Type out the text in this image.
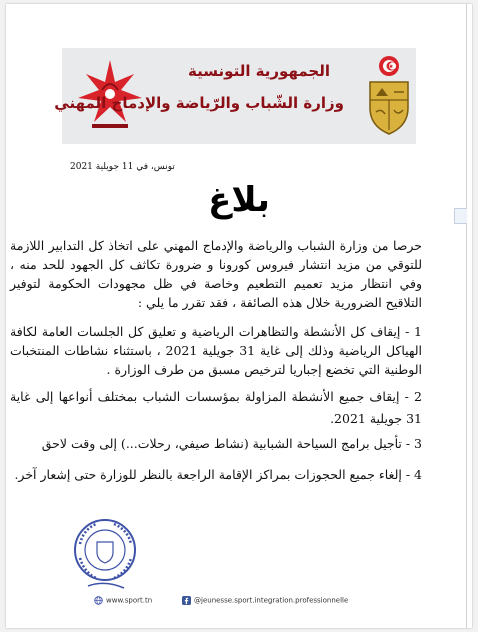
الجمهورية التونسية
وزارة الشّباب والرّياضة والإدماج المهني
تونس، في 11 جويلية 2021
بلاغ

حرصا من وزارة الشباب والرياضة والإدماج المهني على اتخاذ كل التدابير اللازمة للتوقي من مزيد انتشار فيروس كورونا و ضرورة تكاثف كل الجهود للحد منه ، وفي انتظار مزيد تعميم التطعيم وخاصة في ظل مجهودات الحكومة لتوفير التلاقيح الضرورية خلال هذه الصائفة ، فقد تقرر ما يلي :

1 - إيقاف كل الأنشطة والتظاهرات الرياضية و تعليق كل الجلسات العامة لكافة الهياكل الرياضية وذلك إلى غاية 31 جويلية 2021 ، باستثناء نشاطات المنتخبات الوطنية التي تخضع إجباريا لترخيص مسبق من طرف الوزارة .

2 - إيقاف جميع الأنشطة المزاولة بمؤسسات الشباب بمختلف أنواعها إلى غاية 31 جويلية 2021.

3 - تأجيل برامج السياحة الشبابية (نشاط صيفي، رحلات...) إلى وقت لاحق

4 - إلغاء جميع الحجوزات بمراكز الإقامة الراجعة بالنظر للوزارة حتى إشعار آخر.

www.sport.tn	@jeunesse.sport.integration.professionnelle
